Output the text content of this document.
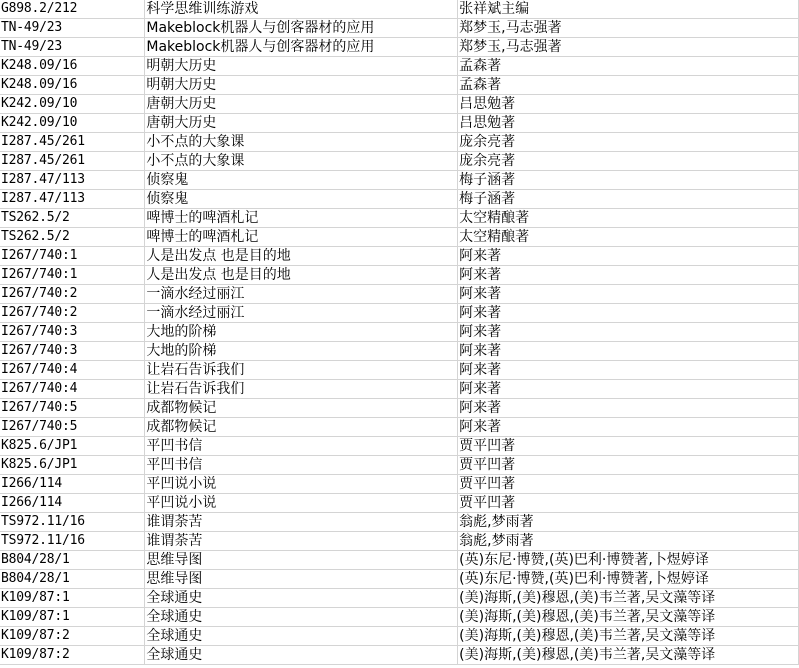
G898.2/212	科学思维训练游戏	张祥斌主编
TN-49/23	Makeblock机器人与创客器材的应用	郑梦玉,马志强著
TN-49/23	Makeblock机器人与创客器材的应用	郑梦玉,马志强著
K248.09/16	明朝大历史	孟森著
K248.09/16	明朝大历史	孟森著
K242.09/10	唐朝大历史	吕思勉著
K242.09/10	唐朝大历史	吕思勉著
I287.45/261	小不点的大象课	庞余亮著
I287.45/261	小不点的大象课	庞余亮著
I287.47/113	侦察鬼	梅子涵著
I287.47/113	侦察鬼	梅子涵著
TS262.5/2	啤博士的啤酒札记	太空精酿著
TS262.5/2	啤博士的啤酒札记	太空精酿著
I267/740:1	人是出发点 也是目的地	阿来著
I267/740:1	人是出发点 也是目的地	阿来著
I267/740:2	一滴水经过丽江	阿来著
I267/740:2	一滴水经过丽江	阿来著
I267/740:3	大地的阶梯	阿来著
I267/740:3	大地的阶梯	阿来著
I267/740:4	让岩石告诉我们	阿来著
I267/740:4	让岩石告诉我们	阿来著
I267/740:5	成都物候记	阿来著
I267/740:5	成都物候记	阿来著
K825.6/JP1	平凹书信	贾平凹著
K825.6/JP1	平凹书信	贾平凹著
I266/114	平凹说小说	贾平凹著
I266/114	平凹说小说	贾平凹著
TS972.11/16	谁谓荼苦	翁彪,梦雨著
TS972.11/16	谁谓荼苦	翁彪,梦雨著
B804/28/1	思维导图	(英)东尼·博赞,(英)巴利·博赞著,卜煜婷译
B804/28/1	思维导图	(英)东尼·博赞,(英)巴利·博赞著,卜煜婷译
K109/87:1	全球通史	(美)海斯,(美)穆恩,(美)韦兰著,吴文藻等译
K109/87:1	全球通史	(美)海斯,(美)穆恩,(美)韦兰著,吴文藻等译
K109/87:2	全球通史	(美)海斯,(美)穆恩,(美)韦兰著,吴文藻等译
K109/87:2	全球通史	(美)海斯,(美)穆恩,(美)韦兰著,吴文藻等译
